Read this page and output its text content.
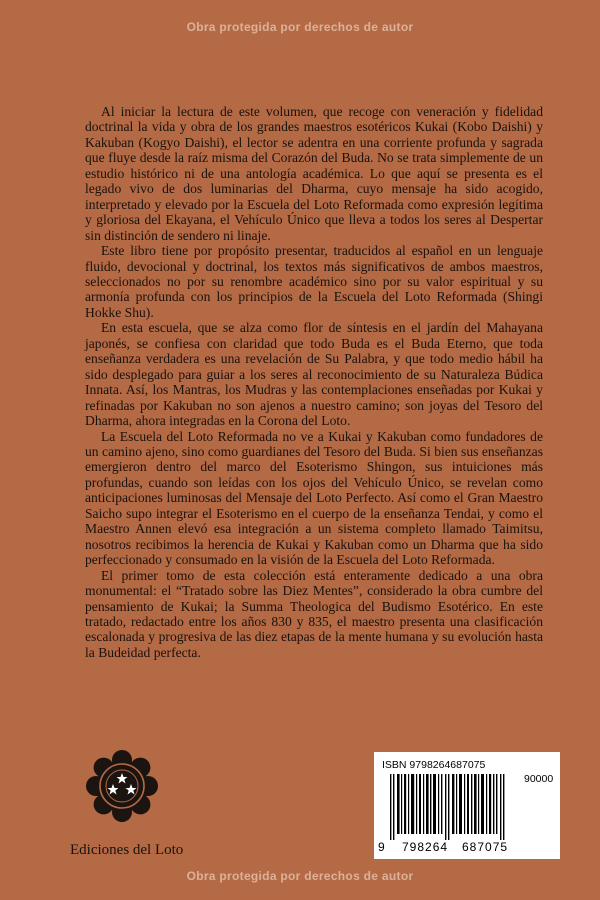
Obra protegida por derechos de autor

Al iniciar la lectura de este volumen, que recoge con veneración y fidelidad doctrinal la vida y obra de los grandes maestros esotéricos Kukai (Kobo Daishi) y Kakuban (Kogyo Daishi), el lector se adentra en una corriente profunda y sagrada que fluye desde la raíz misma del Corazón del Buda. No se trata simplemente de un estudio histórico ni de una antología académica. Lo que aquí se presenta es el legado vivo de dos luminarias del Dharma, cuyo mensaje ha sido acogido, interpretado y elevado por la Escuela del Loto Reformada como expresión legítima y gloriosa del Ekayana, el Vehículo Único que lleva a todos los seres al Despertar sin distinción de sendero ni linaje.

Este libro tiene por propósito presentar, traducidos al español en un lenguaje fluido, devocional y doctrinal, los textos más significativos de ambos maestros, seleccionados no por su renombre académico sino por su valor espiritual y su armonía profunda con los principios de la Escuela del Loto Reformada (Shingi Hokke Shu).

En esta escuela, que se alza como flor de síntesis en el jardín del Mahayana japonés, se confiesa con claridad que todo Buda es el Buda Eterno, que toda enseñanza verdadera es una revelación de Su Palabra, y que todo medio hábil ha sido desplegado para guiar a los seres al reconocimiento de su Naturaleza Búdica Innata. Así, los Mantras, los Mudras y las contemplaciones enseñadas por Kukai y refinadas por Kakuban no son ajenos a nuestro camino; son joyas del Tesoro del Dharma, ahora integradas en la Corona del Loto.

La Escuela del Loto Reformada no ve a Kukai y Kakuban como fundadores de un camino ajeno, sino como guardianes del Tesoro del Buda. Si bien sus enseñanzas emergieron dentro del marco del Esoterismo Shingon, sus intuiciones más profundas, cuando son leídas con los ojos del Vehículo Único, se revelan como anticipaciones luminosas del Mensaje del Loto Perfecto. Así como el Gran Maestro Saicho supo integrar el Esoterismo en el cuerpo de la enseñanza Tendai, y como el Maestro Annen elevó esa integración a un sistema completo llamado Taimitsu, nosotros recibimos la herencia de Kukai y Kakuban como un Dharma que ha sido perfeccionado y consumado en la visión de la Escuela del Loto Reformada.

El primer tomo de esta colección está enteramente dedicado a una obra monumental: el “Tratado sobre las Diez Mentes”, considerado la obra cumbre del pensamiento de Kukai; la Summa Theologica del Budismo Esotérico. En este tratado, redactado entre los años 830 y 835, el maestro presenta una clasificación escalonada y progresiva de las diez etapas de la mente humana y su evolución hasta la Budeidad perfecta.

Ediciones del Loto
ISBN 9798264687075
90000
9 798264 687075
Obra protegida por derechos de autor
